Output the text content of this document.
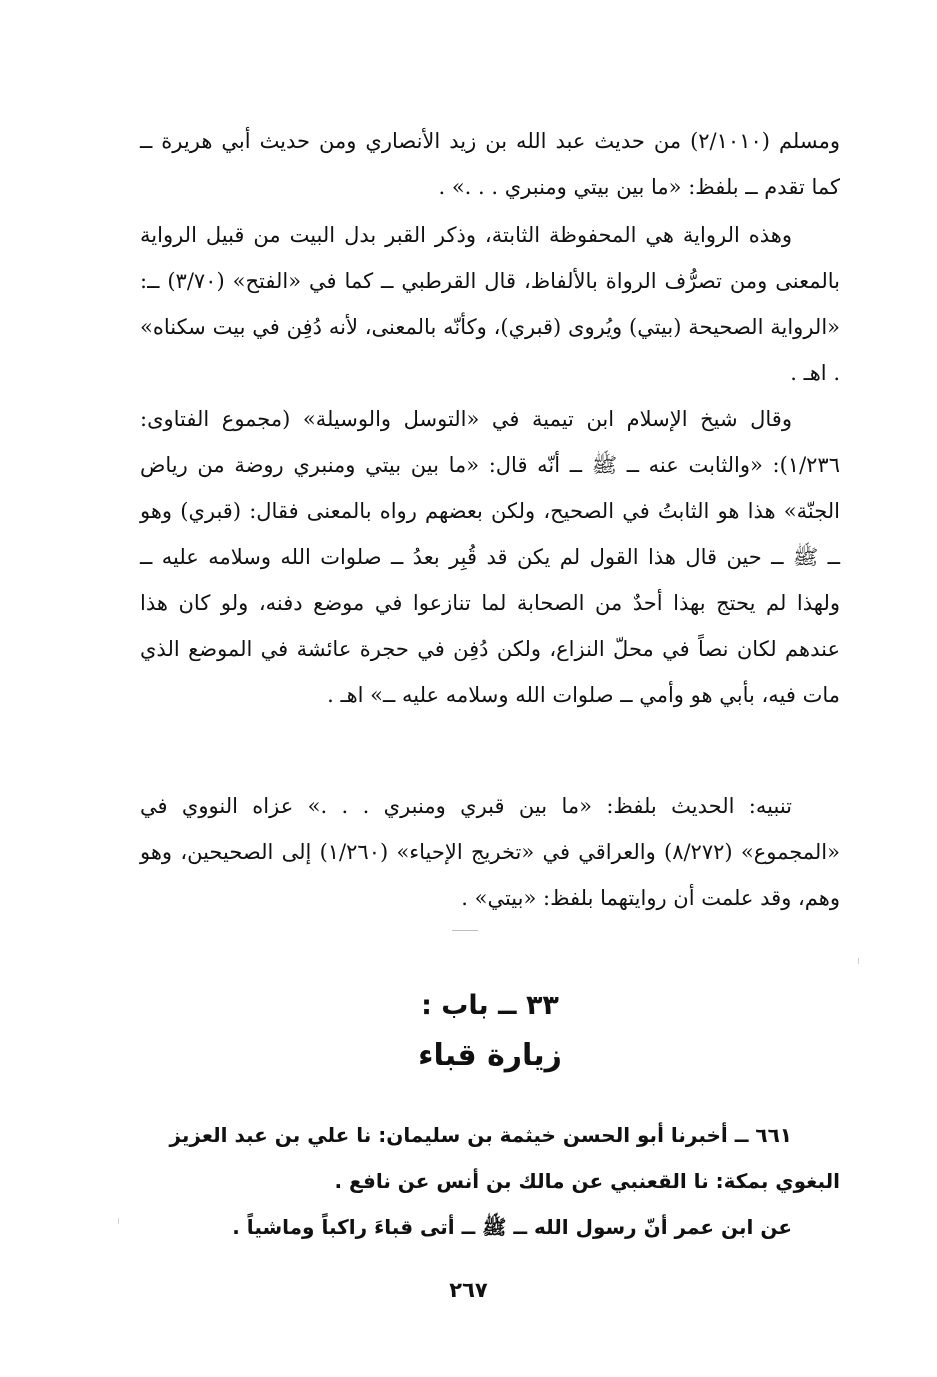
ومسلم (٢/١٠١٠) من حديث عبد الله بن زيد الأنصاري ومن حديث أبي هريرة ــ كما تقدم ــ بلفظ: «ما بين بيتي ومنبري . . .» .

وهذه الرواية هي المحفوظة الثابتة، وذكر القبر بدل البيت من قبيل الرواية بالمعنى ومن تصرُّف الرواة بالألفاظ، قال القرطبي ــ كما في «الفتح» (٣/٧٠) ــ: «الرواية الصحيحة (بيتي) ويُروى (قبري)، وكأنّه بالمعنى، لأنه دُفِن في بيت سكناه» . اهـ .

وقال شيخ الإسلام ابن تيمية في «التوسل والوسيلة» (مجموع الفتاوى: ١/٢٣٦): «والثابت عنه ــ ﷺ ــ أنّه قال: «ما بين بيتي ومنبري روضة من رياض الجنّة» هذا هو الثابتُ في الصحيح، ولكن بعضهم رواه بالمعنى فقال: (قبري) وهو ــ ﷺ ــ حين قال هذا القول لم يكن قد قُبِر بعدُ ــ صلوات الله وسلامه عليه ــ ولهذا لم يحتج بهذا أحدٌ من الصحابة لما تنازعوا في موضع دفنه، ولو كان هذا عندهم لكان نصاً في محلّ النزاع، ولكن دُفِن في حجرة عائشة في الموضع الذي مات فيه، بأبي هو وأمي ــ صلوات الله وسلامه عليه ــ» اهـ .

تنبيه: الحديث بلفظ: «ما بين قبري ومنبري . . .» عزاه النووي في «المجموع» (٨/٢٧٢) والعراقي في «تخريج الإحياء» (١/٢٦٠) إلى الصحيحين، وهو وهم، وقد علمت أن روايتهما بلفظ: «بيتي» .

٣٣ ــ باب :
زيارة قباء

٦٦١ ــ أخبرنا أبو الحسن خيثمة بن سليمان: نا علي بن عبد العزيز البغوي بمكة: نا القعنبي عن مالك بن أنس عن نافع .

عن ابن عمر أنّ رسول الله ــ ﷺ ــ أتى قباءَ راكباً وماشياً .

٢٦٧
